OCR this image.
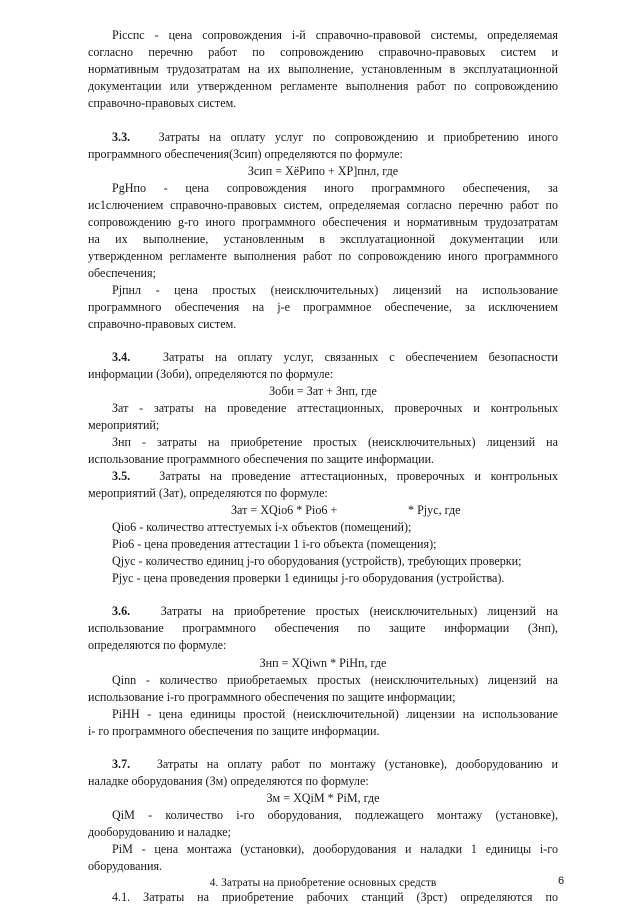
Рicспс - цена сопровождения i-й справочно-правовой системы, определяемая
согласно перечню работ по сопровождению справочно-правовых систем и
нормативным трудозатратам на их выполнение, установленным в эксплуатационной
документации или утвержденном регламенте выполнения работ по сопровождению
справочно-правовых систем.
3.3. Затраты на оплату услуг по сопровождению и приобретению иного
программного обеспечения(Зсип) определяются по формуле:
Зсип = ХёРипо + ХР]пнл, где
РgНпо - цена сопровождения иного программного обеспечения, за
ис1слючением справочно-правовых систем, определяемая согласно перечню работ по
сопровождению g-го иного программного обеспечения и нормативным трудозатратам
на их выполнение, установленным в эксплуатационной документации или
утвержденном регламенте выполнения работ по сопровождению иного программного
обеспечения;
Рjпнл - цена простых (неисключительных) лицензий на использование
программного обеспечения на j-е программное обеспечение, за исключением
справочно-правовых систем.
3.4.	Затраты на оплату услуг, связанных с обеспечением безопасности
информации (Зоби), определяются по формуле:
Зоби = Зат + Знп, где
Зат - затраты на проведение аттестационных, проверочных и контрольных
мероприятий;
Знп - затраты на приобретение простых (неисключительных) лицензий на
использование программного обеспечения по защите информации.
3.5. Затраты на проведение аттестационных, проверочных и контрольных
мероприятий (Зат), определяются по формуле:
Зат = ХQiо6 * Рiо6 +	* Рjус, где
Qiо6 - количество аттестуемых i-х объектов (помещений);
Рiо6 - цена проведения аттестации 1 i-го объекта (помещения);
Qjус - количество единиц j-го оборудования (устройств), требующих проверки;
Рjус - цена проведения проверки 1 единицы j-го оборудования (устройства).
3.6.	Затраты на приобретение простых (неисключительных) лицензий на
использование программного обеспечения по защите информации (Знп),
определяются по формуле:
Знп = ХQiwn * РiНп, где
Qinn - количество приобретаемых простых (неисключительных) лицензий на
использование i-го программного обеспечения по защите информации;
РiНН - цена единицы простой (неисключительной) лицензии на использование
i- го программного обеспечения по защите информации.
3.7. Затраты на оплату работ по монтажу (установке), дооборудованию и
наладке оборудования (Зм) определяются по формуле:
Зм = ХQiМ * РiМ, где
QiМ - количество i-го оборудования, подлежащего монтажу (установке),
дооборудованию и наладке;
РiМ - цена монтажа (установки), дооборудования и наладки 1 единицы i-го
оборудования.
4. Затраты на приобретение основных средств
4.1. Затраты на приобретение рабочих станций (Зрст) определяются по
6
